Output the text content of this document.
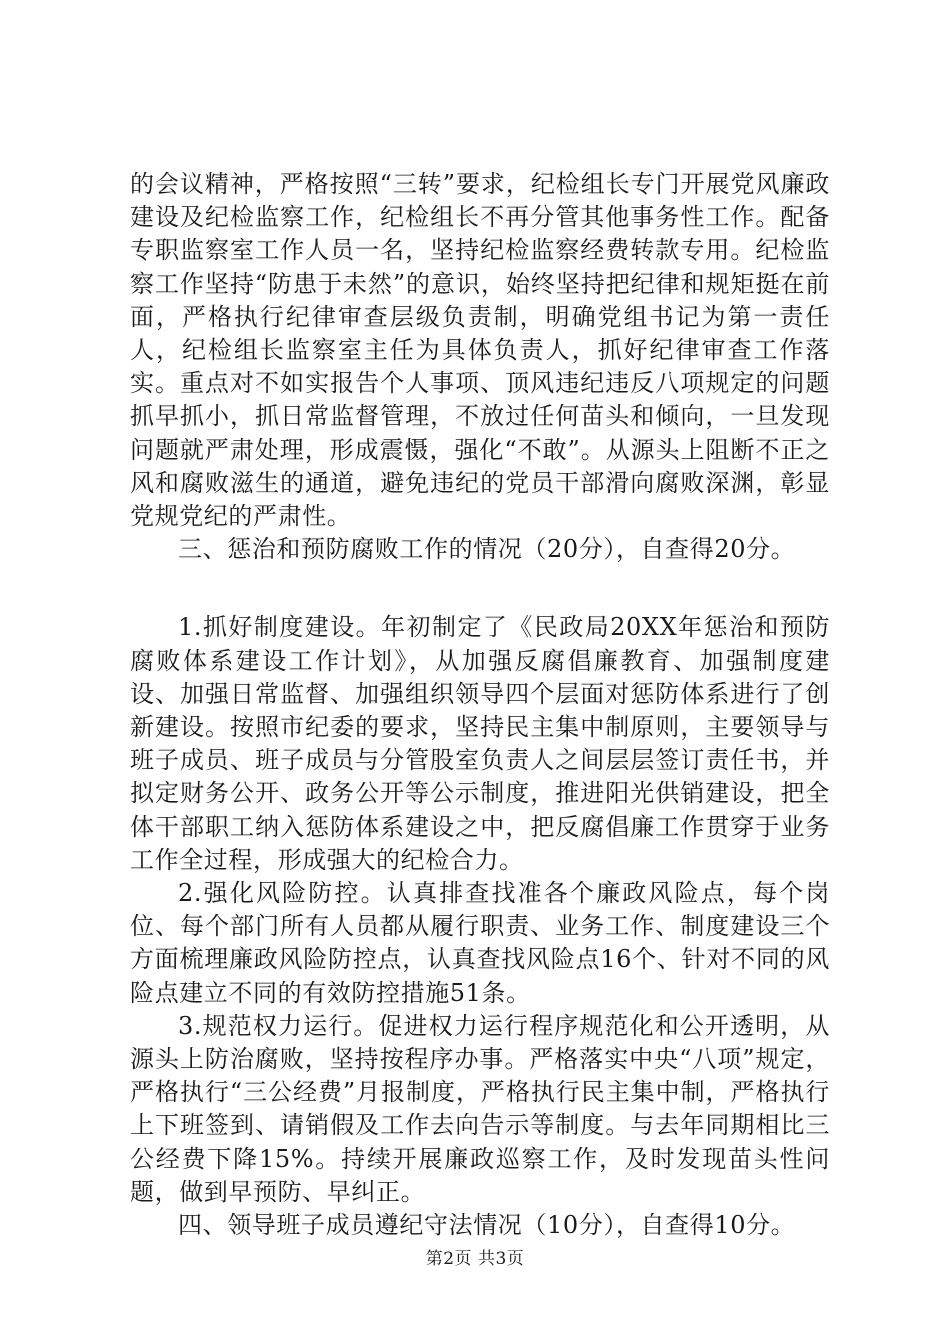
的会议精神，严格按照“三转”要求，纪检组长专门开展党风廉政建设及纪检监察工作，纪检组长不再分管其他事务性工作。配备专职监察室工作人员一名，坚持纪检监察经费转款专用。纪检监察工作坚持“防患于未然”的意识，始终坚持把纪律和规矩挺在前面，严格执行纪律审查层级负责制，明确党组书记为第一责任人，纪检组长监察室主任为具体负责人，抓好纪律审查工作落实。重点对不如实报告个人事项、顶风违纪违反八项规定的问题抓早抓小，抓日常监督管理，不放过任何苗头和倾向，一旦发现问题就严肃处理，形成震慑，强化“不敢”。从源头上阻断不正之风和腐败滋生的通道，避免违纪的党员干部滑向腐败深渊，彰显党规党纪的严肃性。

三、惩治和预防腐败工作的情况（20分），自查得20分。

1.抓好制度建设。年初制定了《民政局20XX年惩治和预防腐败体系建设工作计划》，从加强反腐倡廉教育、加强制度建设、加强日常监督、加强组织领导四个层面对惩防体系进行了创新建设。按照市纪委的要求，坚持民主集中制原则，主要领导与班子成员、班子成员与分管股室负责人之间层层签订责任书，并拟定财务公开、政务公开等公示制度，推进阳光供销建设，把全体干部职工纳入惩防体系建设之中，把反腐倡廉工作贯穿于业务工作全过程，形成强大的纪检合力。

2.强化风险防控。认真排查找准各个廉政风险点，每个岗位、每个部门所有人员都从履行职责、业务工作、制度建设三个方面梳理廉政风险防控点，认真查找风险点16个、针对不同的风险点建立不同的有效防控措施51条。

3.规范权力运行。促进权力运行程序规范化和公开透明，从源头上防治腐败，坚持按程序办事。严格落实中央“八项”规定，严格执行“三公经费”月报制度，严格执行民主集中制，严格执行上下班签到、请销假及工作去向告示等制度。与去年同期相比三公经费下降15%。持续开展廉政巡察工作，及时发现苗头性问题，做到早预防、早纠正。

四、领导班子成员遵纪守法情况（10分），自查得10分。

第2页 共3页
